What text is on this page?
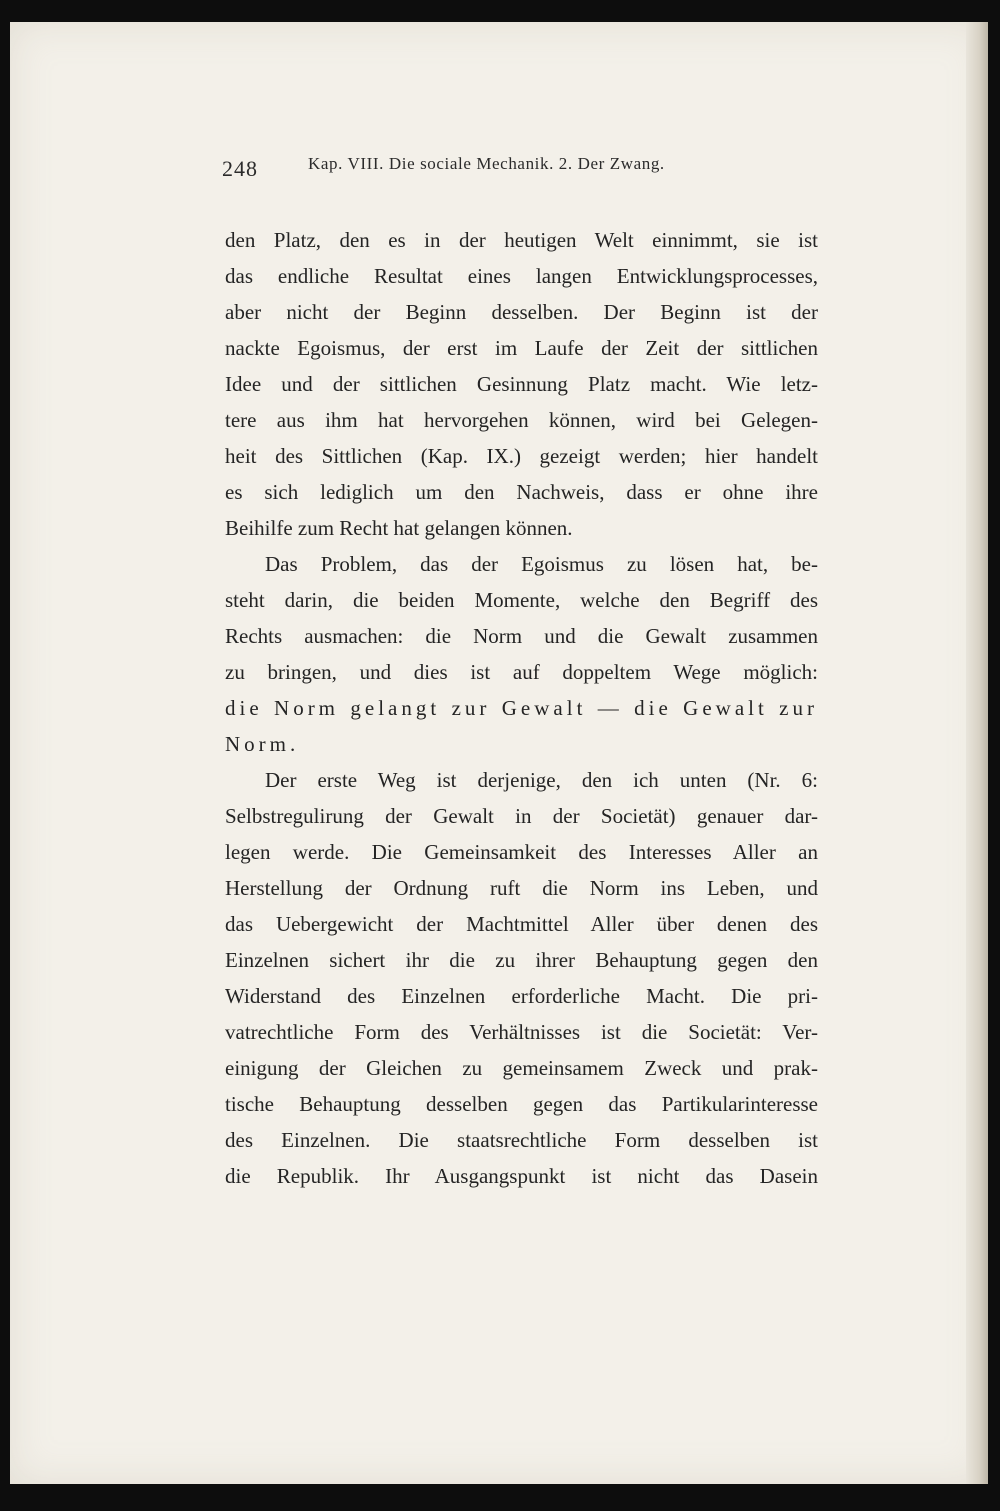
248	Kap. VIII. Die sociale Mechanik. 2. Der Zwang.
den Platz, den es in der heutigen Welt einnimmt, sie ist
das endliche Resultat eines langen Entwicklungsprocesses,
aber nicht der Beginn desselben. Der Beginn ist der
nackte Egoismus, der erst im Laufe der Zeit der sittlichen
Idee und der sittlichen Gesinnung Platz macht. Wie letz-
tere aus ihm hat hervorgehen können, wird bei Gelegen-
heit des Sittlichen (Kap. IX.) gezeigt werden; hier handelt
es sich lediglich um den Nachweis, dass er ohne ihre
Beihilfe zum Recht hat gelangen können.
Das Problem, das der Egoismus zu lösen hat, be-
steht darin, die beiden Momente, welche den Begriff des
Rechts ausmachen: die Norm und die Gewalt zusammen
zu bringen, und dies ist auf doppeltem Wege möglich:
die Norm gelangt zur Gewalt — die Gewalt zur
Norm.
Der erste Weg ist derjenige, den ich unten (Nr. 6:
Selbstregulirung der Gewalt in der Societät) genauer dar-
legen werde. Die Gemeinsamkeit des Interesses Aller an
Herstellung der Ordnung ruft die Norm ins Leben, und
das Uebergewicht der Machtmittel Aller über denen des
Einzelnen sichert ihr die zu ihrer Behauptung gegen den
Widerstand des Einzelnen erforderliche Macht. Die pri-
vatrechtliche Form des Verhältnisses ist die Societät: Ver-
einigung der Gleichen zu gemeinsamem Zweck und prak-
tische Behauptung desselben gegen das Partikularinteresse
des Einzelnen. Die staatsrechtliche Form desselben ist
die Republik. Ihr Ausgangspunkt ist nicht das Dasein
